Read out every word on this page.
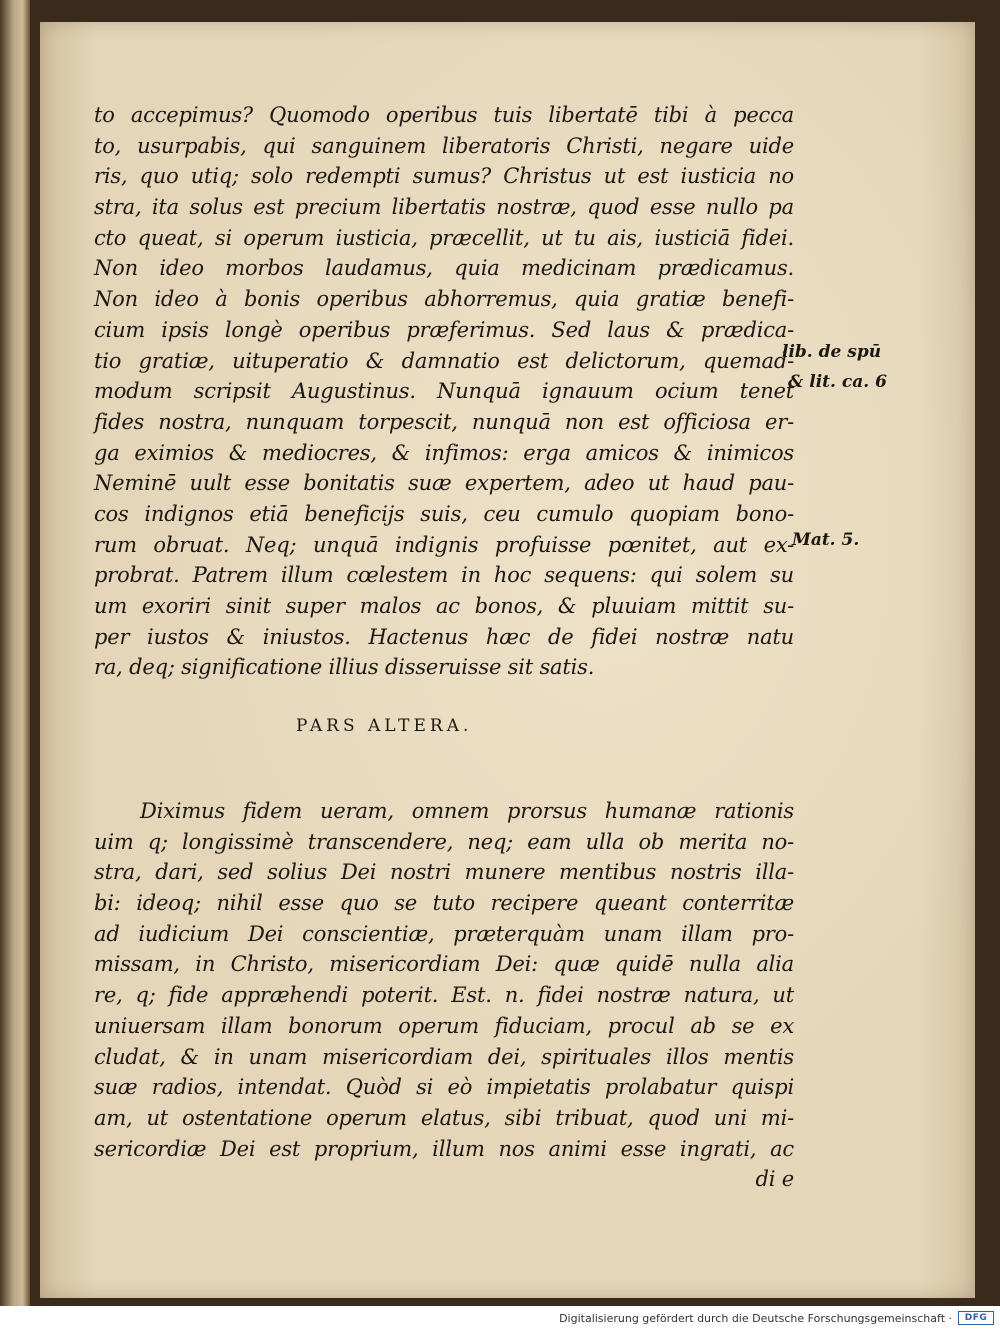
to accepimus? Quomodo operibus tuis libertatē tibi à pecca
to, usurpabis, qui sanguinem liberatoris Christi, negare uide
ris, quo utiq; solo redempti sumus? Christus ut est iusticia no
stra, ita solus est precium libertatis nostræ, quod esse nullo pa
cto queat, si operum iusticia, præcellit, ut tu ais, iusticiā fidei.
Non ideo morbos laudamus, quia medicinam prædicamus.
Non ideo à bonis operibus abhorremus, quia gratiæ benefi-
cium ipsis longè operibus præferimus. Sed laus & prædica-
tio gratiæ, uituperatio & damnatio est delictorum, quemad-
modum scripsit Augustinus. Nunquā ignauum ocium tenet
fides nostra, nunquam torpescit, nunquā non est officiosa er-
ga eximios & mediocres, & infimos: erga amicos & inimicos
Neminē uult esse bonitatis suæ expertem, adeo ut haud pau-
cos indignos etiā beneficijs suis, ceu cumulo quopiam bono-
rum obruat. Neq; unquā indignis profuisse pœnitet, aut ex-
probrat. Patrem illum cœlestem in hoc sequens: qui solem su
um exoriri sinit super malos ac bonos, & pluuiam mittit su-
per iustos & iniustos. Hactenus hæc de fidei nostræ natu
ra, deq; significatione illius disseruisse sit satis.
PARS ALTERA.
Diximus fidem ueram, omnem prorsus humanæ rationis
uim q; longissimè transcendere, neq; eam ulla ob merita no-
stra, dari, sed solius Dei nostri munere mentibus nostris illa-
bi: ideoq; nihil esse quo se tuto recipere queant conterritæ
ad iudicium Dei conscientiæ, præterquàm unam illam pro-
missam, in Christo, misericordiam Dei: quæ quidē nulla alia
re, q; fide appræhendi poterit. Est. n. fidei nostræ natura, ut
uniuersam illam bonorum operum fiduciam, procul ab se ex
cludat, & in unam misericordiam dei, spirituales illos mentis
suæ radios, intendat. Quòd si eò impietatis prolabatur quispi
am, ut ostentatione operum elatus, sibi tribuat, quod uni mi-
sericordiæ Dei est proprium, illum nos animi esse ingrati, ac
di e
lib. de spū
& lit. ca. 6
Mat. 5.
Digitalisierung gefördert durch die Deutsche Forschungsgemeinschaft · DFG
